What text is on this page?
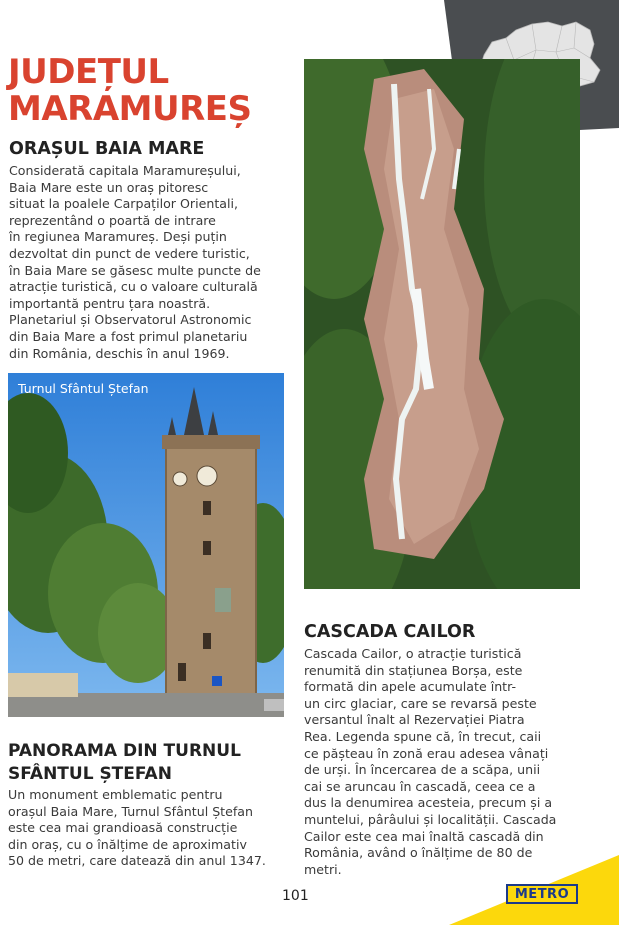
JUDEȚUL
MARAMUREȘ
ORAȘUL BAIA MARE
Considerată capitala Maramureșului,
Baia Mare este un oraș pitoresc
situat la poalele Carpaților Orientali,
reprezentând o poartă de intrare
în regiunea Maramureș. Deși puțin
dezvoltat din punct de vedere turistic,
în Baia Mare se găsesc multe puncte de
atracție turistică, cu o valoare culturală
importantă pentru țara noastră.
Planetariul și Observatorul Astronomic
din Baia Mare a fost primul planetariu
din România, deschis în anul 1969.
Turnul Sfântul Ștefan
PANORAMA DIN TURNUL
SFÂNTUL ȘTEFAN
Un monument emblematic pentru
orașul Baia Mare, Turnul Sfântul Ștefan
este cea mai grandioasă construcție
din oraș, cu o înălțime de aproximativ
50 de metri, care datează din anul 1347.
CASCADA CAILOR
Cascada Cailor, o atracție turistică
renumită din stațiunea Borșa, este
formată din apele acumulate într-
un circ glaciar, care se revarsă peste
versantul înalt al Rezervației Piatra
Rea. Legenda spune că, în trecut, caii
ce pășteau în zonă erau adesea vânați
de urși. În încercarea de a scăpa, unii
cai se aruncau în cascadă, ceea ce a
dus la denumirea acesteia, precum și a
muntelui, pârâului și localității. Cascada
Cailor este cea mai înaltă cascadă din
România, având o înălțime de 80 de
metri.
101	METRO
